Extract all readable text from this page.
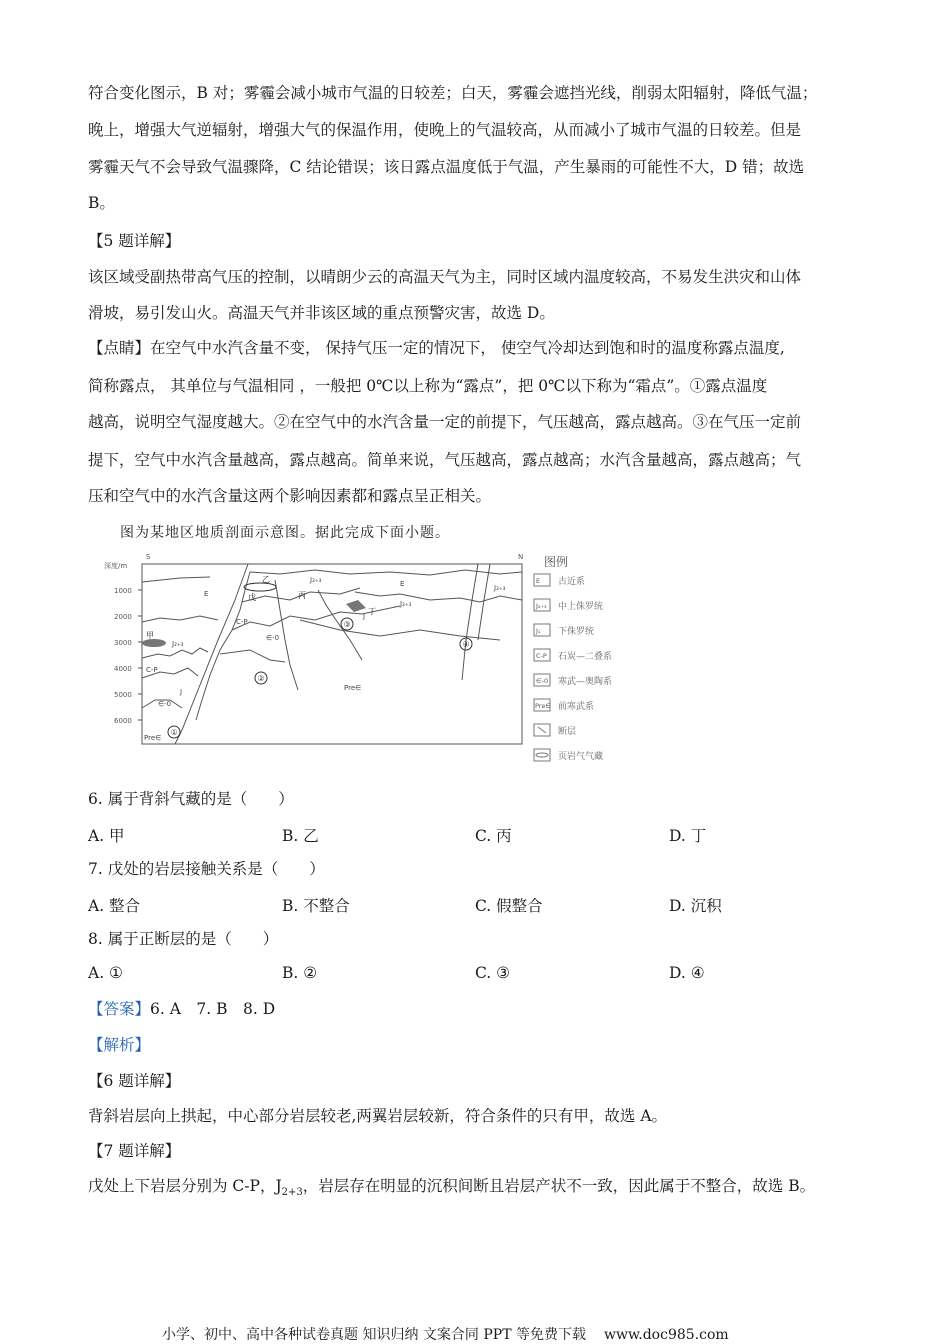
符合变化图示，B 对；雾霾会减小城市气温的日较差；白天，雾霾会遮挡光线，削弱太阳辐射，降低气温；
晚上，增强大气逆辐射，增强大气的保温作用，使晚上的气温较高，从而减小了城市气温的日较差。但是
雾霾天气不会导致气温骤降，C 结论错误；该日露点温度低于气温，产生暴雨的可能性不大，D 错；故选
B。
【5 题详解】
该区域受副热带高气压的控制，以晴朗少云的高温天气为主，同时区域内温度较高，不易发生洪灾和山体
滑坡，易引发山火。高温天气并非该区域的重点预警灾害，故选 D。
【点睛】在空气中水汽含量不变， 保持气压一定的情况下， 使空气冷却达到饱和时的温度称露点温度,
简称露点， 其单位与气温相同 ，一般把 0℃以上称为“露点”，把 0℃以下称为“霜点”。①露点温度
越高，说明空气湿度越大。②在空气中的水汽含量一定的前提下，气压越高，露点越高。③在气压一定前
提下，空气中水汽含量越高，露点越高。简单来说，气压越高，露点越高；水汽含量越高，露点越高；气
压和空气中的水汽含量这两个影响因素都和露点呈正相关。
图为某地区地质剖面示意图。据此完成下面小题。
①
②
③
④
深度/m
S	N
1000
2000
3000
4000
5000
6000
E
E
J₂₊₃
J₂₊₃
J₂₊₃
J₂₊₃
J
J
C-P
C-P
∈-0
∈-0
Pre∈
Pre∈
甲
乙
丙
丁
戊
图例
E
J₂₊₃
J₁
C-P
∈-0
Pre∈
古近系
中上侏罗统
下侏罗统
石炭—二叠系
寒武—奥陶系
前寒武系
断层
页岩气气藏
6. 属于背斜气藏的是（　　）
A. 甲	B. 乙	C. 丙	D. 丁
7. 戊处的岩层接触关系是（　　）
A. 整合	B. 不整合	C. 假整合	D. 沉积
8. 属于正断层的是（　　）
A. ①	B. ②	C. ③	D. ④
【答案】6. A　7. B　8. D
【解析】
【6 题详解】
背斜岩层向上拱起，中心部分岩层较老,两翼岩层较新，符合条件的只有甲，故选 A。
【7 题详解】
戊处上下岩层分别为 C-P，$J_{2+3}$，岩层存在明显的沉积间断且岩层产状不一致，因此属于不整合，故选 B。
小学、初中、高中各种试卷真题 知识归纳 文案合同 PPT 等免费下载 www.doc985.com
